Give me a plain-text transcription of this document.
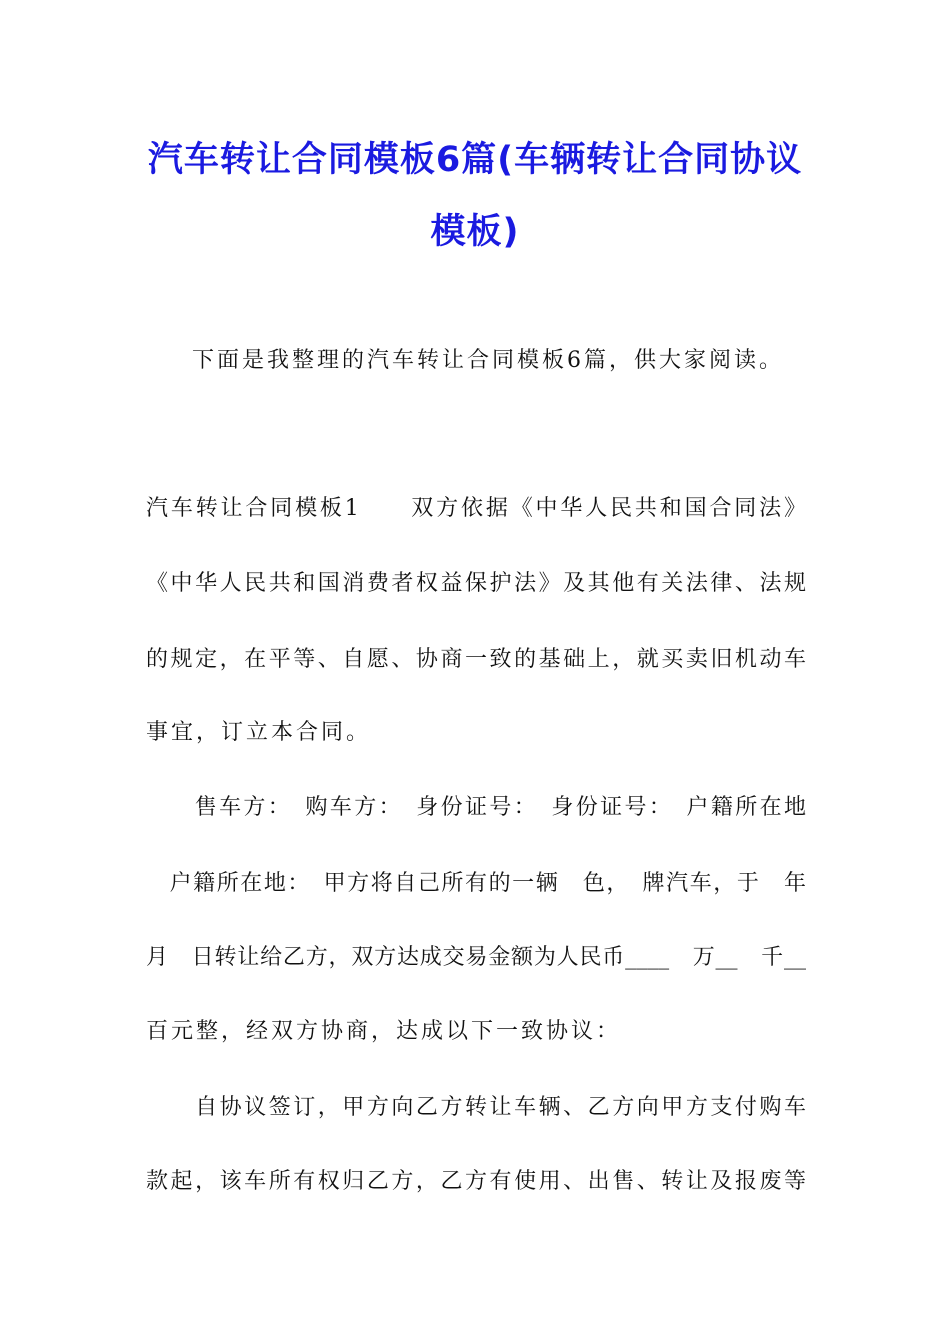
汽车转让合同模板6篇(车辆转让合同协议
模板)
下面是我整理的汽车转让合同模板6篇，供大家阅读。
汽车转让合同模板1　　双方依据《中华人民共和国合同法》
《中华人民共和国消费者权益保护法》及其他有关法律、法规
的规定，在平等、自愿、协商一致的基础上，就买卖旧机动车
事宜，订立本合同。
　　售车方：　购车方：　身份证号：　身份证号：　户籍所在地
　户籍所在地：　甲方将自己所有的一辆　色，　牌汽车，于　年
月　日转让给乙方，双方达成交易金额为人民币____　万__　千__
百元整，经双方协商，达成以下一致协议：
　　自协议签订，甲方向乙方转让车辆、乙方向甲方支付购车
款起，该车所有权归乙方，乙方有使用、出售、转让及报废等
